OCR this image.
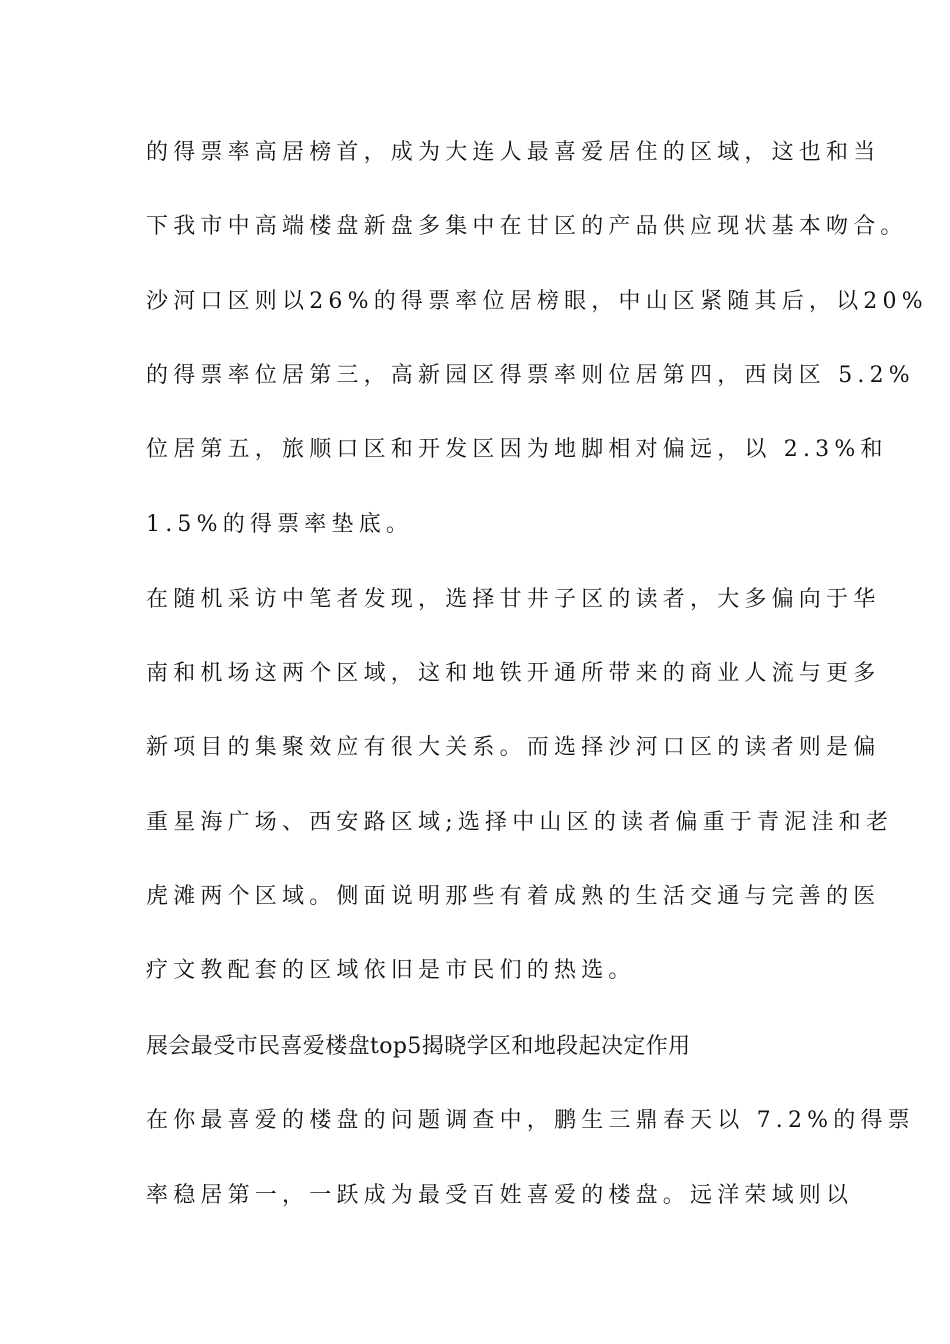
的得票率高居榜首，成为大连人最喜爱居住的区域，这也和当
下我市中高端楼盘新盘多集中在甘区的产品供应现状基本吻合。
沙河口区则以26%的得票率位居榜眼，中山区紧随其后，以20%
的得票率位居第三，高新园区得票率则位居第四，西岗区 5.2%
位居第五，旅顺口区和开发区因为地脚相对偏远，以 2.3%和
1.5%的得票率垫底。
在随机采访中笔者发现，选择甘井子区的读者，大多偏向于华
南和机场这两个区域，这和地铁开通所带来的商业人流与更多
新项目的集聚效应有很大关系。而选择沙河口区的读者则是偏
重星海广场、西安路区域;选择中山区的读者偏重于青泥洼和老
虎滩两个区域。侧面说明那些有着成熟的生活交通与完善的医
疗文教配套的区域依旧是市民们的热选。
展会最受市民喜爱楼盘top5揭晓学区和地段起决定作用
在你最喜爱的楼盘的问题调查中，鹏生三鼎春天以 7.2%的得票
率稳居第一，一跃成为最受百姓喜爱的楼盘。远洋荣域则以
